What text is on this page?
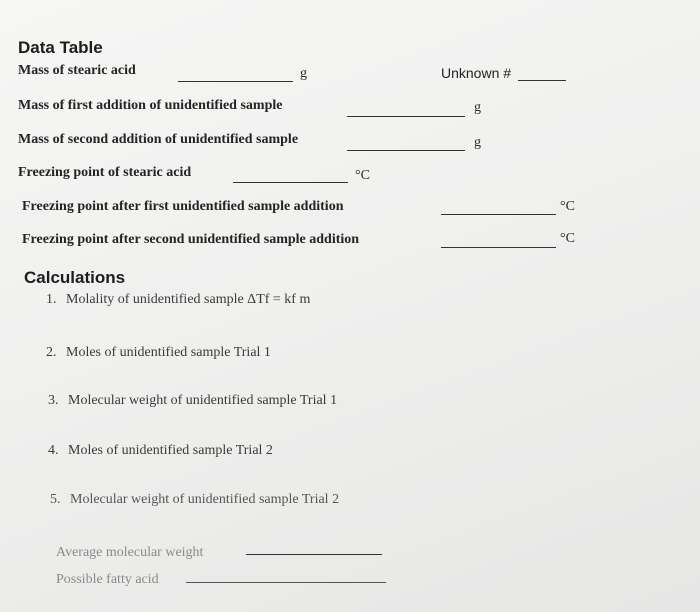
Data Table
Mass of stearic acid	g	Unknown #
Mass of first addition of unidentified sample	g
Mass of second addition of unidentified sample	g
Freezing point of stearic acid	°C
Freezing point after first unidentified sample addition	°C
Freezing point after second unidentified sample addition	°C
Calculations
1. Molality of unidentified sample ΔTf = kf m
2. Moles of unidentified sample Trial 1
3. Molecular weight of unidentified sample Trial 1
4. Moles of unidentified sample Trial 2
5. Molecular weight of unidentified sample Trial 2
Average molecular weight
Possible fatty acid
